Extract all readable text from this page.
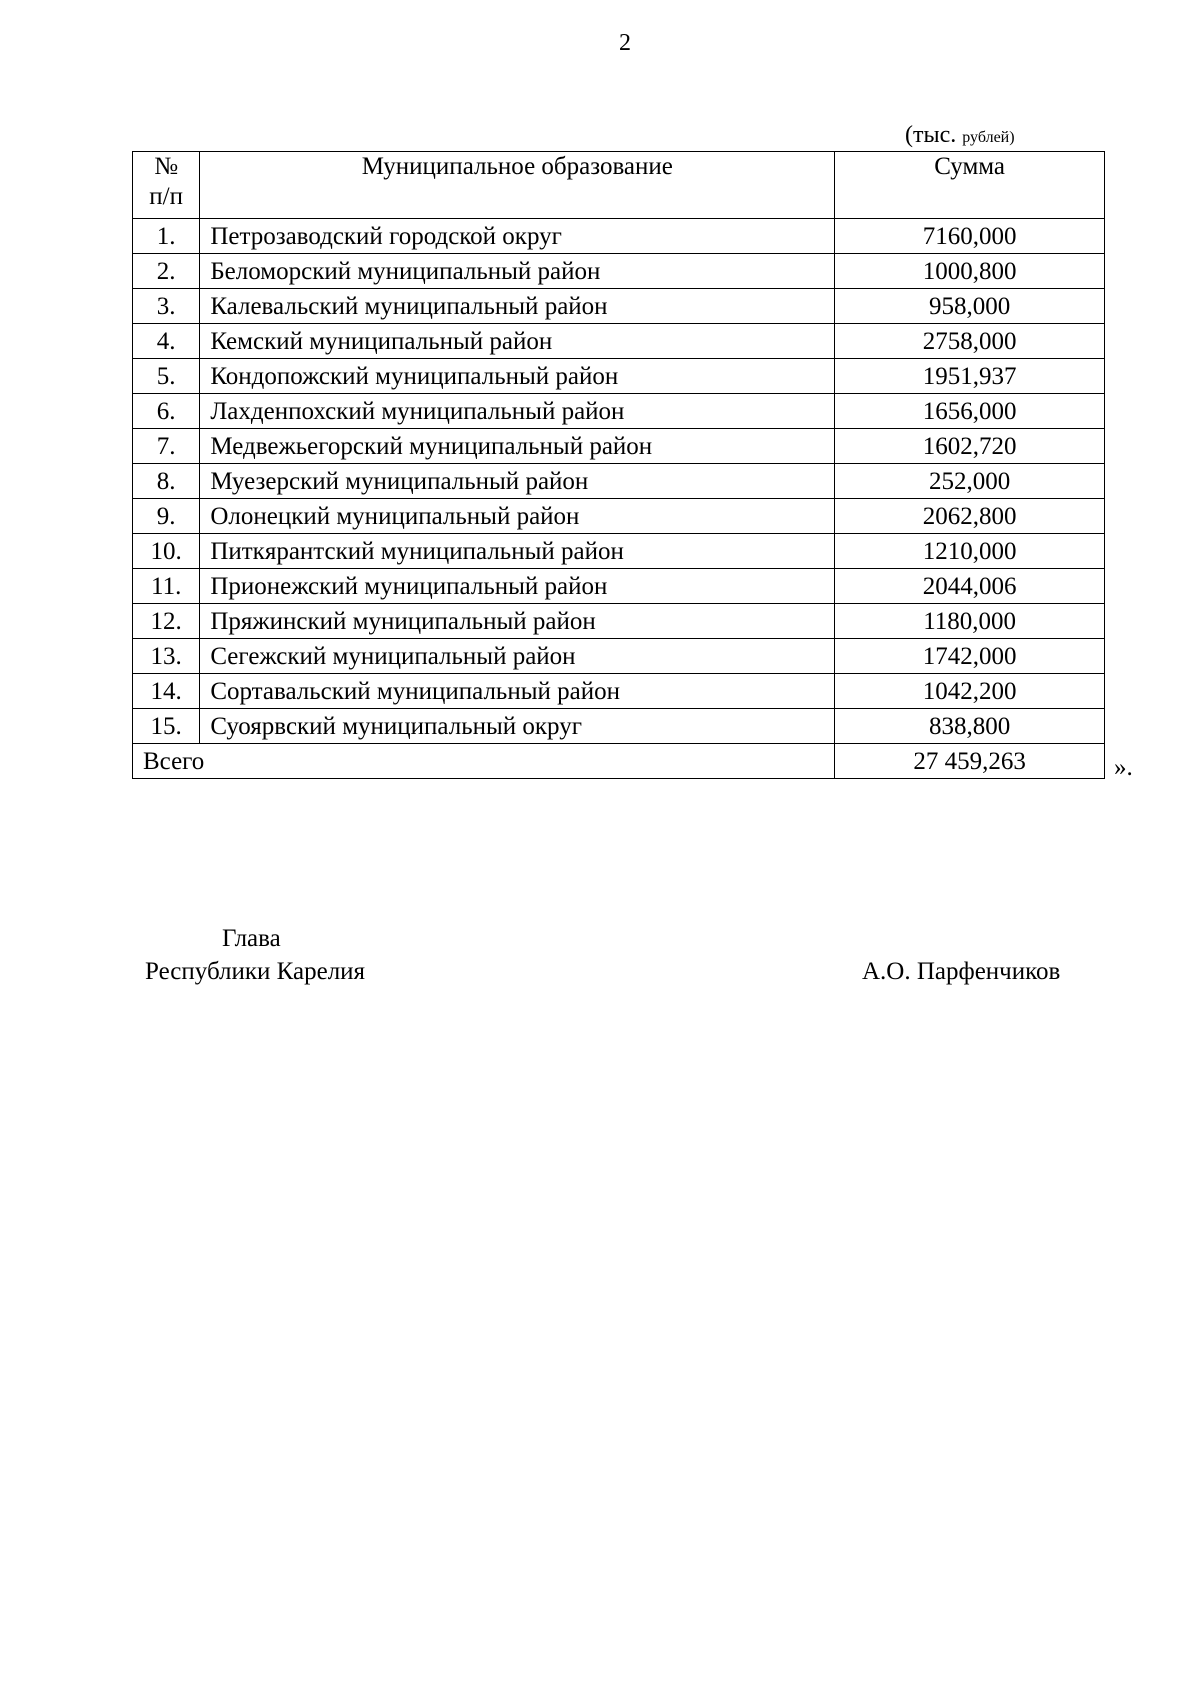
2
(тыс. рублей)
№
п/п	Муниципальное образование	Сумма
1.	Петрозаводский городской округ	7160,000
2.	Беломорский муниципальный район	1000,800
3.	Калевальский муниципальный район	958,000
4.	Кемский муниципальный район	2758,000
5.	Кондопожский муниципальный район	1951,937
6.	Лахденпохский муниципальный район	1656,000
7.	Медвежьегорский муниципальный район	1602,720
8.	Муезерский муниципальный район	252,000
9.	Олонецкий муниципальный район	2062,800
10.	Питкярантский муниципальный район	1210,000
11.	Прионежский муниципальный район	2044,006
12.	Пряжинский муниципальный район	1180,000
13.	Сегежский муниципальный район	1742,000
14.	Сортавальский муниципальный район	1042,200
15.	Суоярвский муниципальный округ	838,800
Всего		27 459,263	».
Глава
Республики Карелия	А.О. Парфенчиков
